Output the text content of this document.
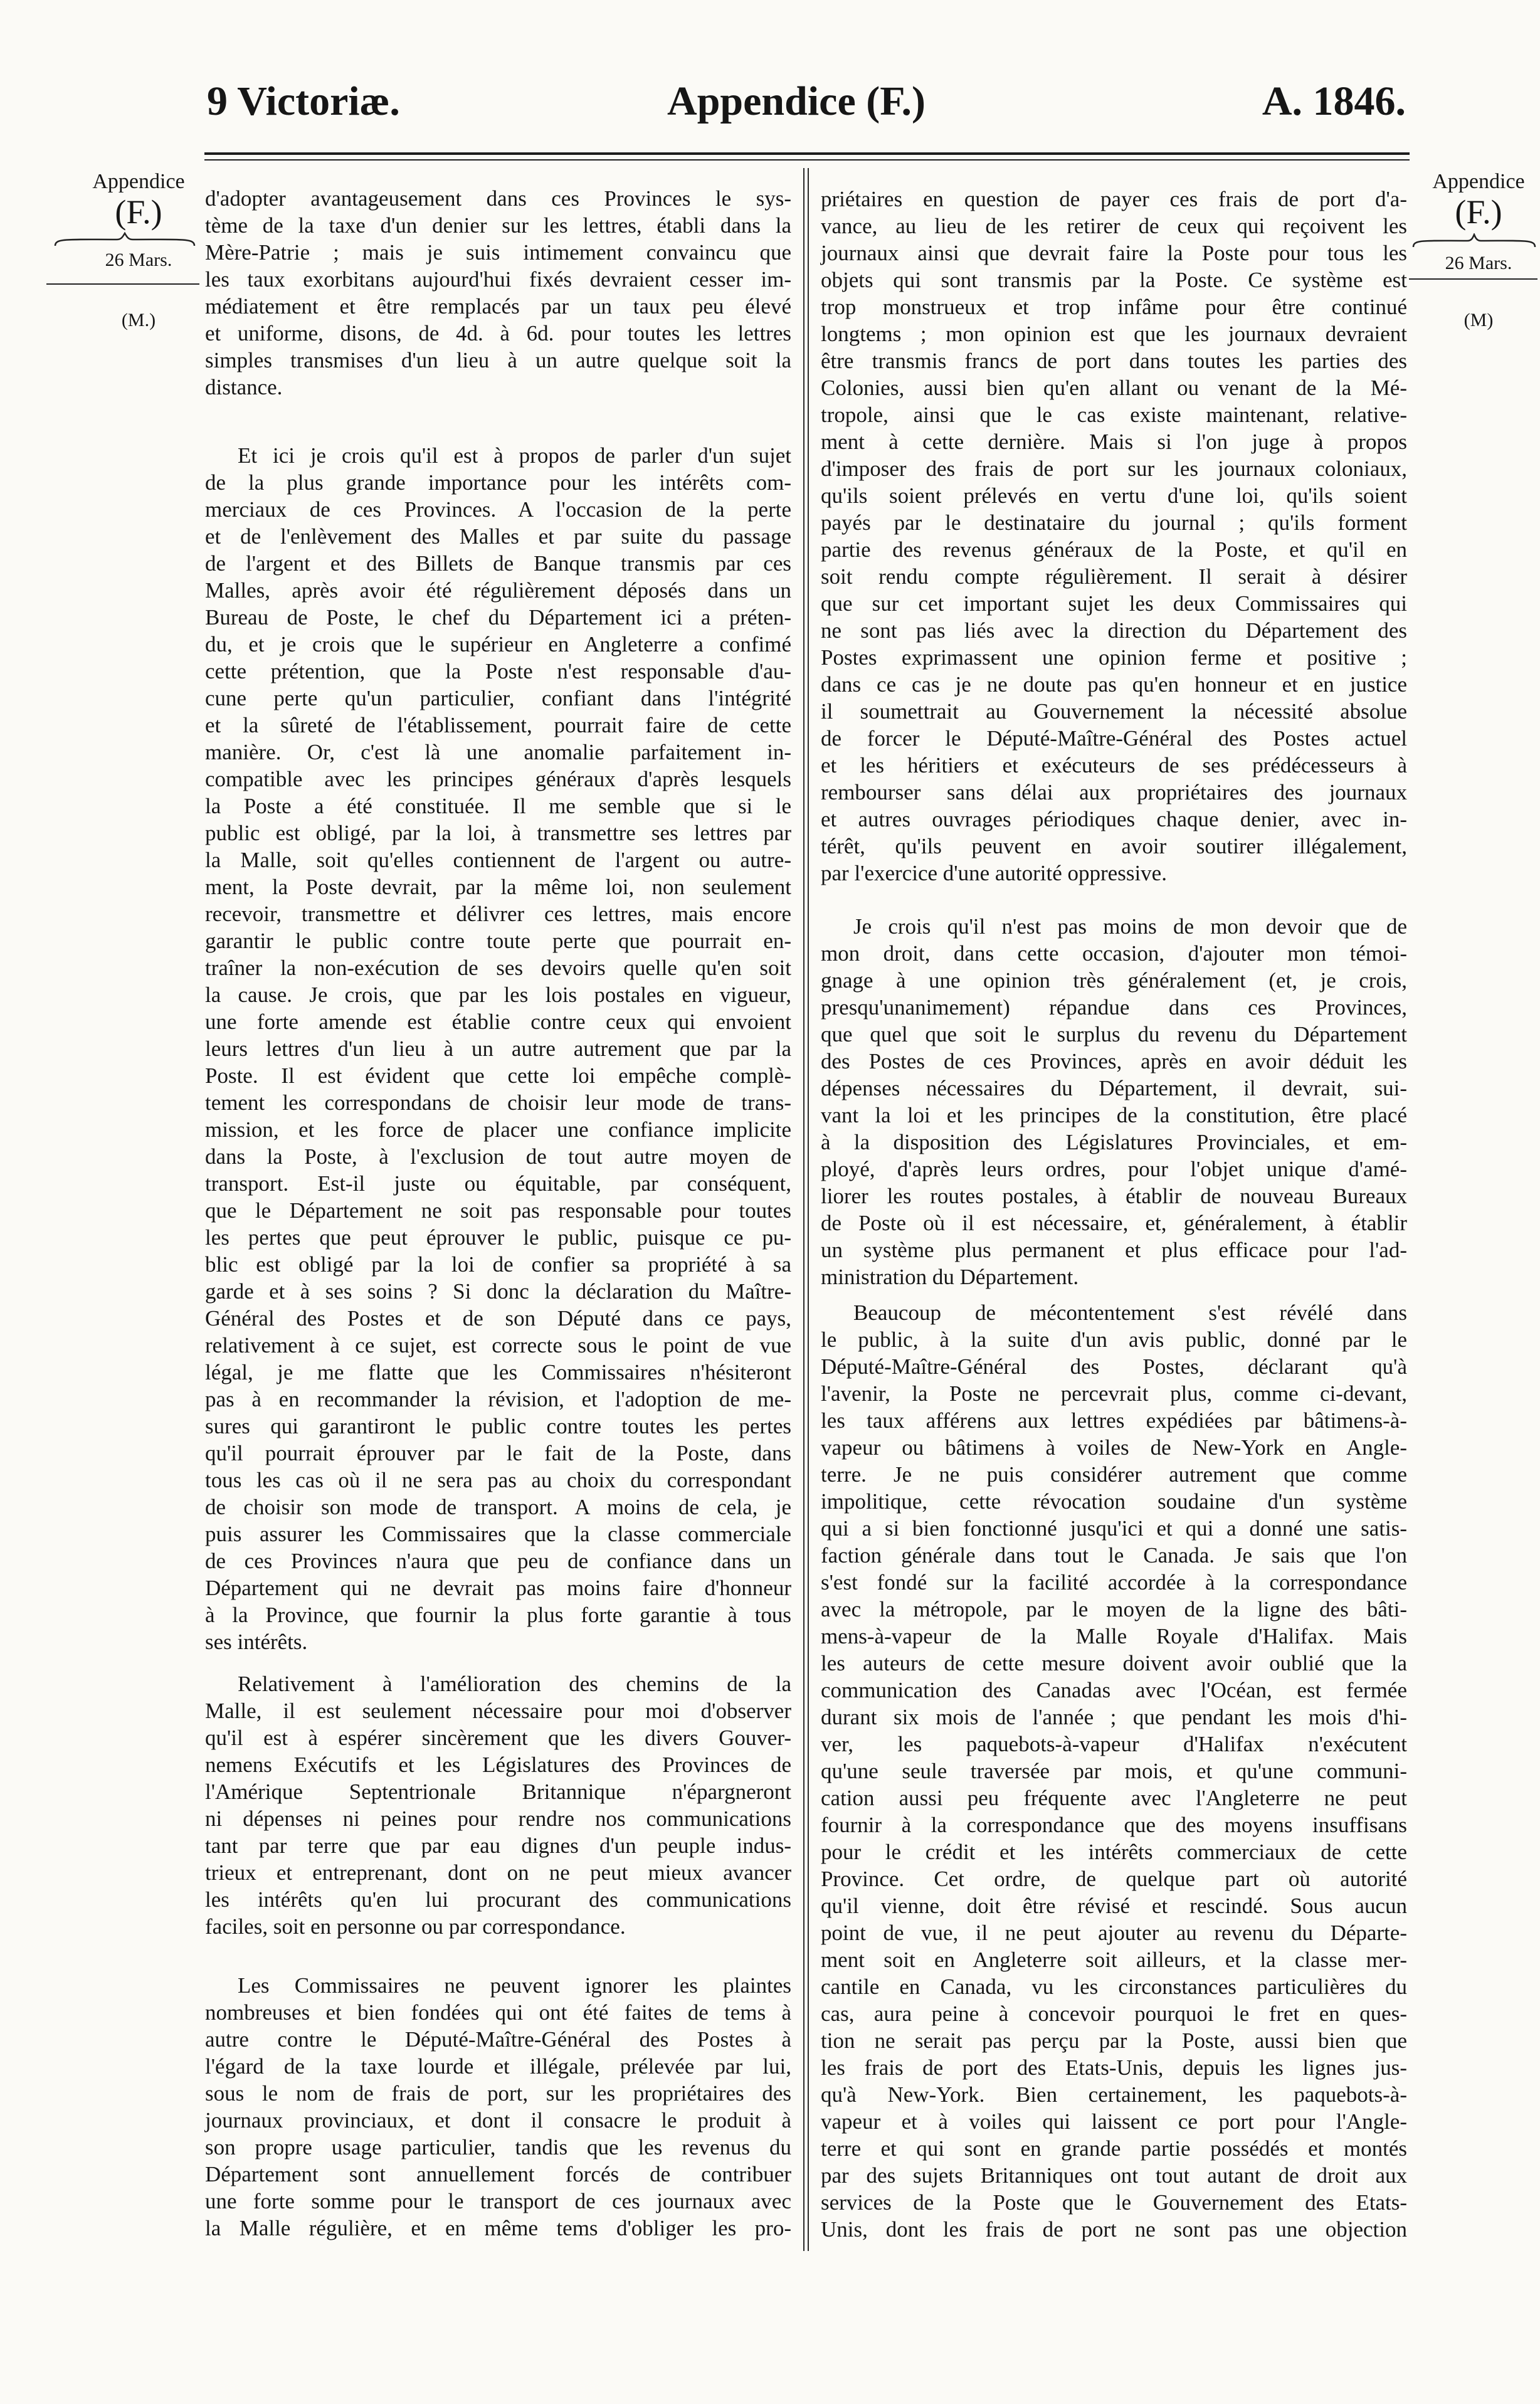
9 Victoriæ.	Appendice (F.)	A. 1846.
Appendice
(F.)
26 Mars.
(M.)
Appendice
(F.)
26 Mars.
(M)
d'adopter avantageusement dans ces Provinces le sys-
tème de la taxe d'un denier sur les lettres, établi dans la
Mère-Patrie ; mais je suis intimement convaincu que
les taux exorbitans aujourd'hui fixés devraient cesser im-
médiatement et être remplacés par un taux peu élevé
et uniforme, disons, de 4d. à 6d. pour toutes les lettres
simples transmises d'un lieu à un autre quelque soit la
distance.
Et ici je crois qu'il est à propos de parler d'un sujet
de la plus grande importance pour les intérêts com-
merciaux de ces Provinces. A l'occasion de la perte
et de l'enlèvement des Malles et par suite du passage
de l'argent et des Billets de Banque transmis par ces
Malles, après avoir été régulièrement déposés dans un
Bureau de Poste, le chef du Département ici a préten-
du, et je crois que le supérieur en Angleterre a confimé
cette prétention, que la Poste n'est responsable d'au-
cune perte qu'un particulier, confiant dans l'intégrité
et la sûreté de l'établissement, pourrait faire de cette
manière. Or, c'est là une anomalie parfaitement in-
compatible avec les principes généraux d'après lesquels
la Poste a été constituée. Il me semble que si le
public est obligé, par la loi, à transmettre ses lettres par
la Malle, soit qu'elles contiennent de l'argent ou autre-
ment, la Poste devrait, par la même loi, non seulement
recevoir, transmettre et délivrer ces lettres, mais encore
garantir le public contre toute perte que pourrait en-
traîner la non-exécution de ses devoirs quelle qu'en soit
la cause. Je crois, que par les lois postales en vigueur,
une forte amende est établie contre ceux qui envoient
leurs lettres d'un lieu à un autre autrement que par la
Poste. Il est évident que cette loi empêche complè-
tement les correspondans de choisir leur mode de trans-
mission, et les force de placer une confiance implicite
dans la Poste, à l'exclusion de tout autre moyen de
transport. Est-il juste ou équitable, par conséquent,
que le Département ne soit pas responsable pour toutes
les pertes que peut éprouver le public, puisque ce pu-
blic est obligé par la loi de confier sa propriété à sa
garde et à ses soins ? Si donc la déclaration du Maître-
Général des Postes et de son Député dans ce pays,
relativement à ce sujet, est correcte sous le point de vue
légal, je me flatte que les Commissaires n'hésiteront
pas à en recommander la révision, et l'adoption de me-
sures qui garantiront le public contre toutes les pertes
qu'il pourrait éprouver par le fait de la Poste, dans
tous les cas où il ne sera pas au choix du correspondant
de choisir son mode de transport. A moins de cela, je
puis assurer les Commissaires que la classe commerciale
de ces Provinces n'aura que peu de confiance dans un
Département qui ne devrait pas moins faire d'honneur
à la Province, que fournir la plus forte garantie à tous
ses intérêts.
Relativement à l'amélioration des chemins de la
Malle, il est seulement nécessaire pour moi d'observer
qu'il est à espérer sincèrement que les divers Gouver-
nemens Exécutifs et les Législatures des Provinces de
l'Amérique Septentrionale Britannique n'épargneront
ni dépenses ni peines pour rendre nos communications
tant par terre que par eau dignes d'un peuple indus-
trieux et entreprenant, dont on ne peut mieux avancer
les intérêts qu'en lui procurant des communications
faciles, soit en personne ou par correspondance.
Les Commissaires ne peuvent ignorer les plaintes
nombreuses et bien fondées qui ont été faites de tems à
autre contre le Député-Maître-Général des Postes à
l'égard de la taxe lourde et illégale, prélevée par lui,
sous le nom de frais de port, sur les propriétaires des
journaux provinciaux, et dont il consacre le produit à
son propre usage particulier, tandis que les revenus du
Département sont annuellement forcés de contribuer
une forte somme pour le transport de ces journaux avec
la Malle régulière, et en même tems d'obliger les pro-
priétaires en question de payer ces frais de port d'a-
vance, au lieu de les retirer de ceux qui reçoivent les
journaux ainsi que devrait faire la Poste pour tous les
objets qui sont transmis par la Poste. Ce système est
trop monstrueux et trop infâme pour être continué
longtems ; mon opinion est que les journaux devraient
être transmis francs de port dans toutes les parties des
Colonies, aussi bien qu'en allant ou venant de la Mé-
tropole, ainsi que le cas existe maintenant, relative-
ment à cette dernière. Mais si l'on juge à propos
d'imposer des frais de port sur les journaux coloniaux,
qu'ils soient prélevés en vertu d'une loi, qu'ils soient
payés par le destinataire du journal ; qu'ils forment
partie des revenus généraux de la Poste, et qu'il en
soit rendu compte régulièrement. Il serait à désirer
que sur cet important sujet les deux Commissaires qui
ne sont pas liés avec la direction du Département des
Postes exprimassent une opinion ferme et positive ;
dans ce cas je ne doute pas qu'en honneur et en justice
il soumettrait au Gouvernement la nécessité absolue
de forcer le Député-Maître-Général des Postes actuel
et les héritiers et exécuteurs de ses prédécesseurs à
rembourser sans délai aux propriétaires des journaux
et autres ouvrages périodiques chaque denier, avec in-
térêt, qu'ils peuvent en avoir soutirer illégalement,
par l'exercice d'une autorité oppressive.
Je crois qu'il n'est pas moins de mon devoir que de
mon droit, dans cette occasion, d'ajouter mon témoi-
gnage à une opinion très généralement (et, je crois,
presqu'unanimement) répandue dans ces Provinces,
que quel que soit le surplus du revenu du Département
des Postes de ces Provinces, après en avoir déduit les
dépenses nécessaires du Département, il devrait, sui-
vant la loi et les principes de la constitution, être placé
à la disposition des Législatures Provinciales, et em-
ployé, d'après leurs ordres, pour l'objet unique d'amé-
liorer les routes postales, à établir de nouveau Bureaux
de Poste où il est nécessaire, et, généralement, à établir
un système plus permanent et plus efficace pour l'ad-
ministration du Département.
Beaucoup de mécontentement s'est révélé dans
le public, à la suite d'un avis public, donné par le
Député-Maître-Général des Postes, déclarant qu'à
l'avenir, la Poste ne percevrait plus, comme ci-devant,
les taux afférens aux lettres expédiées par bâtimens-à-
vapeur ou bâtimens à voiles de New-York en Angle-
terre. Je ne puis considérer autrement que comme
impolitique, cette révocation soudaine d'un système
qui a si bien fonctionné jusqu'ici et qui a donné une satis-
faction générale dans tout le Canada. Je sais que l'on
s'est fondé sur la facilité accordée à la correspondance
avec la métropole, par le moyen de la ligne des bâti-
mens-à-vapeur de la Malle Royale d'Halifax. Mais
les auteurs de cette mesure doivent avoir oublié que la
communication des Canadas avec l'Océan, est fermée
durant six mois de l'année ; que pendant les mois d'hi-
ver, les paquebots-à-vapeur d'Halifax n'exécutent
qu'une seule traversée par mois, et qu'une communi-
cation aussi peu fréquente avec l'Angleterre ne peut
fournir à la correspondance que des moyens insuffisans
pour le crédit et les intérêts commerciaux de cette
Province. Cet ordre, de quelque part où autorité
qu'il vienne, doit être révisé et rescindé. Sous aucun
point de vue, il ne peut ajouter au revenu du Départe-
ment soit en Angleterre soit ailleurs, et la classe mer-
cantile en Canada, vu les circonstances particulières du
cas, aura peine à concevoir pourquoi le fret en ques-
tion ne serait pas perçu par la Poste, aussi bien que
les frais de port des Etats-Unis, depuis les lignes jus-
qu'à New-York. Bien certainement, les paquebots-à-
vapeur et à voiles qui laissent ce port pour l'Angle-
terre et qui sont en grande partie possédés et montés
par des sujets Britanniques ont tout autant de droit aux
services de la Poste que le Gouvernement des Etats-
Unis, dont les frais de port ne sont pas une objection
